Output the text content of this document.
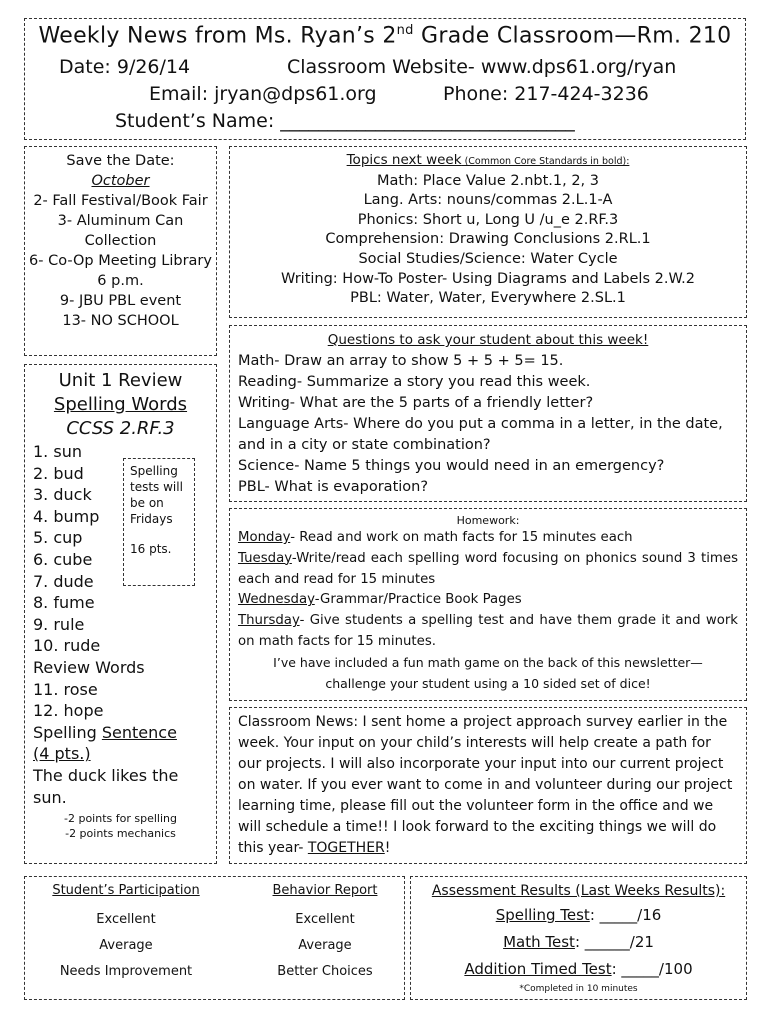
Weekly News from Ms. Ryan’s 2nd Grade Classroom—Rm. 210
Date: 9/26/14	Classroom Website- www.dps61.org/ryan
Email: jryan@dps61.org	Phone: 217-424-3236
Student’s Name: _______________________________
Save the Date:
October
2- Fall Festival/Book Fair
3- Aluminum Can Collection
6- Co-Op Meeting Library 6 p.m.
9- JBU PBL event
13- NO SCHOOL
Topics next week (Common Core Standards in bold):
Math: Place Value 2.nbt.1, 2, 3
Lang. Arts: nouns/commas 2.L.1-A
Phonics: Short u, Long U /u_e 2.RF.3
Comprehension: Drawing Conclusions 2.RL.1
Social Studies/Science: Water Cycle
Writing: How-To Poster- Using Diagrams and Labels 2.W.2
PBL: Water, Water, Everywhere 2.SL.1
Questions to ask your student about this week!
Math- Draw an array to show 5 + 5 + 5= 15.
Reading- Summarize a story you read this week.
Writing- What are the 5 parts of a friendly letter?
Language Arts- Where do you put a comma in a letter, in the date, and in a city or state combination?
Science- Name 5 things you would need in an emergency?
PBL- What is evaporation?
Unit 1 Review
Spelling Words
CCSS 2.RF.3
1. sun
2. bud
3. duck
4. bump
5. cup
6. cube
7. dude
8. fume
9. rule
10. rude
Review Words
11. rose
12. hope
Spelling Sentence
(4 pts.)
The duck likes the sun.
-2 points for spelling
-2 points mechanics
Spelling tests will be on Fridays
16 pts.
Homework:
Monday- Read and work on math facts for 15 minutes each
Tuesday-Write/read each spelling word focusing on phonics sound 3 times each and read for 15 minutes
Wednesday-Grammar/Practice Book Pages
Thursday- Give students a spelling test and have them grade it and work on math facts for 15 minutes.
I’ve have included a fun math game on the back of this newsletter—
challenge your student using a 10 sided set of dice!
Classroom News: I sent home a project approach survey earlier in the week. Your input on your child’s interests will help create a path for our projects. I will also incorporate your input into our current project on water. If you ever want to come in and volunteer during our project learning time, please fill out the volunteer form in the office and we will schedule a time!! I look forward to the exciting things we will do this year- TOGETHER!
Student’s Participation
Excellent
Average
Needs Improvement
Behavior Report
Excellent
Average
Better Choices
Assessment Results (Last Weeks Results):
Spelling Test: _____/16
Math Test: ______/21
Addition Timed Test: _____/100
*Completed in 10 minutes
